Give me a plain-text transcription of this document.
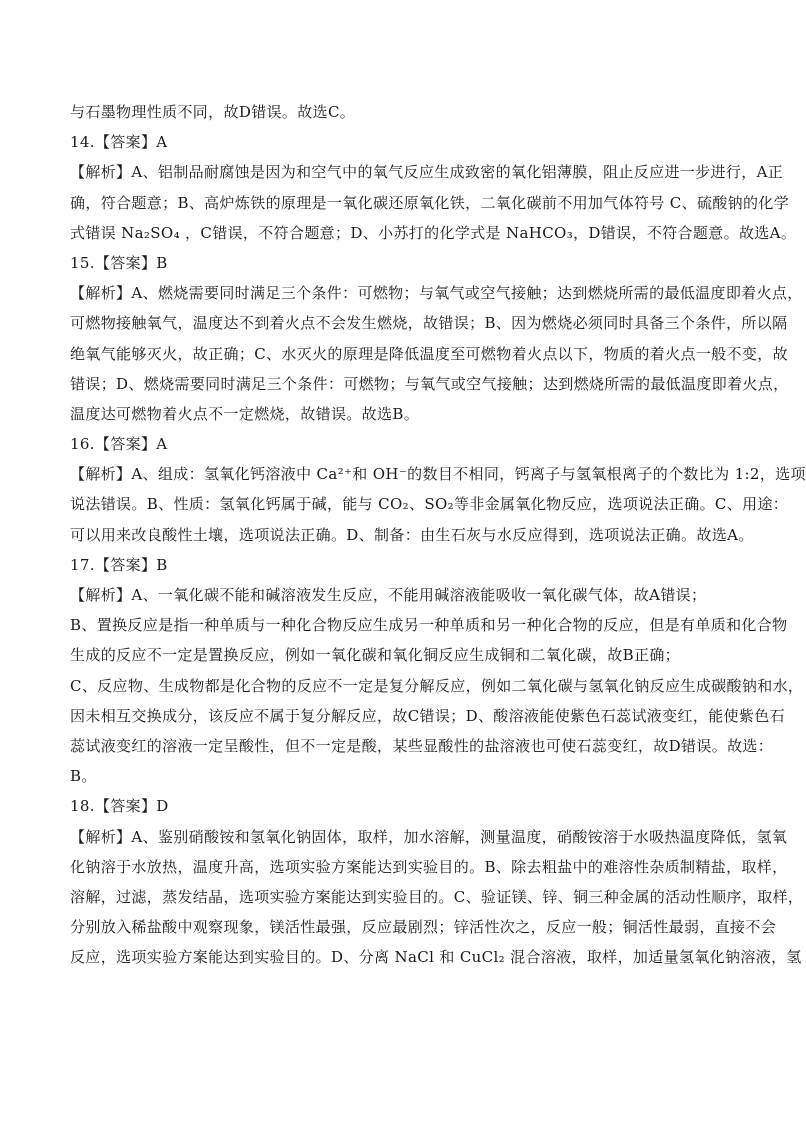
与石墨物理性质不同，故D错误。故选C。
14.【答案】A
【解析】A、铝制品耐腐蚀是因为和空气中的氧气反应生成致密的氧化铝薄膜，阻止反应进一步进行，A正
确，符合题意；B、高炉炼铁的原理是一氧化碳还原氧化铁，二氧化碳前不用加气体符号 C、硫酸钠的化学
式错误 Na₂SO₄ ，C错误，不符合题意；D、小苏打的化学式是 NaHCO₃，D错误，不符合题意。故选A。
15.【答案】B
【解析】A、燃烧需要同时满足三个条件：可燃物；与氧气或空气接触；达到燃烧所需的最低温度即着火点，
可燃物接触氧气，温度达不到着火点不会发生燃烧，故错误；B、因为燃烧必须同时具备三个条件，所以隔
绝氧气能够灭火，故正确；C、水灭火的原理是降低温度至可燃物着火点以下，物质的着火点一般不变，故
错误；D、燃烧需要同时满足三个条件：可燃物；与氧气或空气接触；达到燃烧所需的最低温度即着火点，
温度达可燃物着火点不一定燃烧，故错误。故选B。
16.【答案】A
【解析】A、组成：氢氧化钙溶液中 Ca²⁺和 OH⁻的数目不相同，钙离子与氢氧根离子的个数比为 1:2，选项
说法错误。B、性质：氢氧化钙属于碱，能与 CO₂、SO₂等非金属氧化物反应，选项说法正确。C、用途：
可以用来改良酸性土壤，选项说法正确。D、制备：由生石灰与水反应得到，选项说法正确。故选A。
17.【答案】B
【解析】A、一氧化碳不能和碱溶液发生反应，不能用碱溶液能吸收一氧化碳气体，故A错误；
B、置换反应是指一种单质与一种化合物反应生成另一种单质和另一种化合物的反应，但是有单质和化合物
生成的反应不一定是置换反应，例如一氧化碳和氧化铜反应生成铜和二氧化碳，故B正确；
C、反应物、生成物都是化合物的反应不一定是复分解反应，例如二氧化碳与氢氧化钠反应生成碳酸钠和水，
因未相互交换成分，该反应不属于复分解反应，故C错误；D、酸溶液能使紫色石蕊试液变红，能使紫色石
蕊试液变红的溶液一定呈酸性，但不一定是酸，某些显酸性的盐溶液也可使石蕊变红，故D错误。故选：
B。
18.【答案】D
【解析】A、鉴别硝酸铵和氢氧化钠固体，取样，加水溶解，测量温度，硝酸铵溶于水吸热温度降低，氢氧
化钠溶于水放热，温度升高，选项实验方案能达到实验目的。B、除去粗盐中的难溶性杂质制精盐，取样，
溶解，过滤，蒸发结晶，选项实验方案能达到实验目的。C、验证镁、锌、铜三种金属的活动性顺序，取样，
分别放入稀盐酸中观察现象，镁活性最强，反应最剧烈；锌活性次之，反应一般；铜活性最弱，直接不会
反应，选项实验方案能达到实验目的。D、分离 NaCl 和 CuCl₂ 混合溶液，取样，加适量氢氧化钠溶液，氢
